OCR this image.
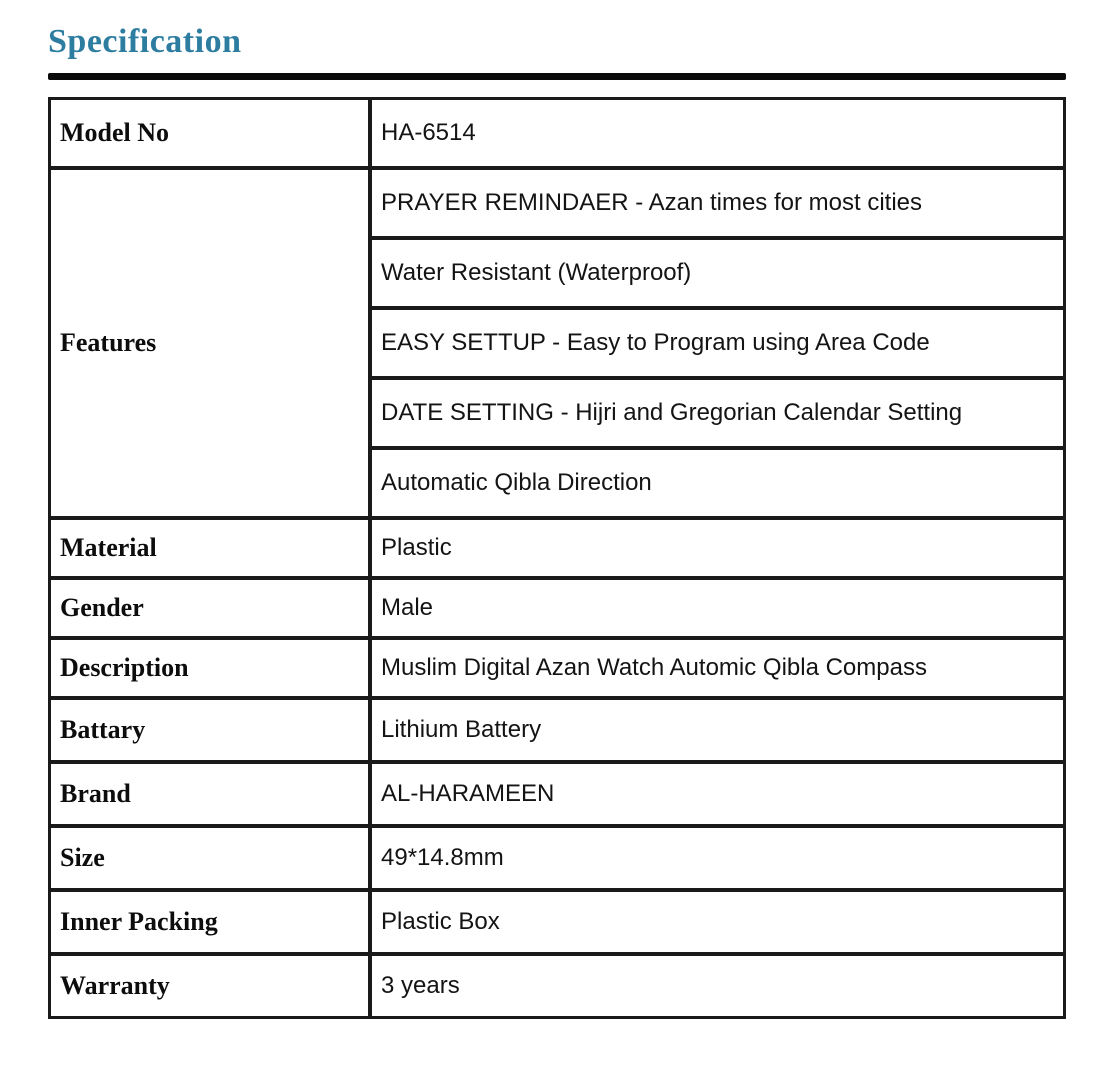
Specification
Model No	HA-6514
Features	PRAYER REMINDAER - Azan times for most cities
	Water Resistant (Waterproof)
	EASY SETTUP - Easy to Program using Area Code
	DATE SETTING - Hijri and Gregorian Calendar Setting
	Automatic Qibla Direction
Material	Plastic
Gender	Male
Description	Muslim Digital Azan Watch Automic Qibla Compass
Battary	Lithium Battery
Brand	AL-HARAMEEN
Size	49*14.8mm
Inner Packing	Plastic Box
Warranty	3 years
